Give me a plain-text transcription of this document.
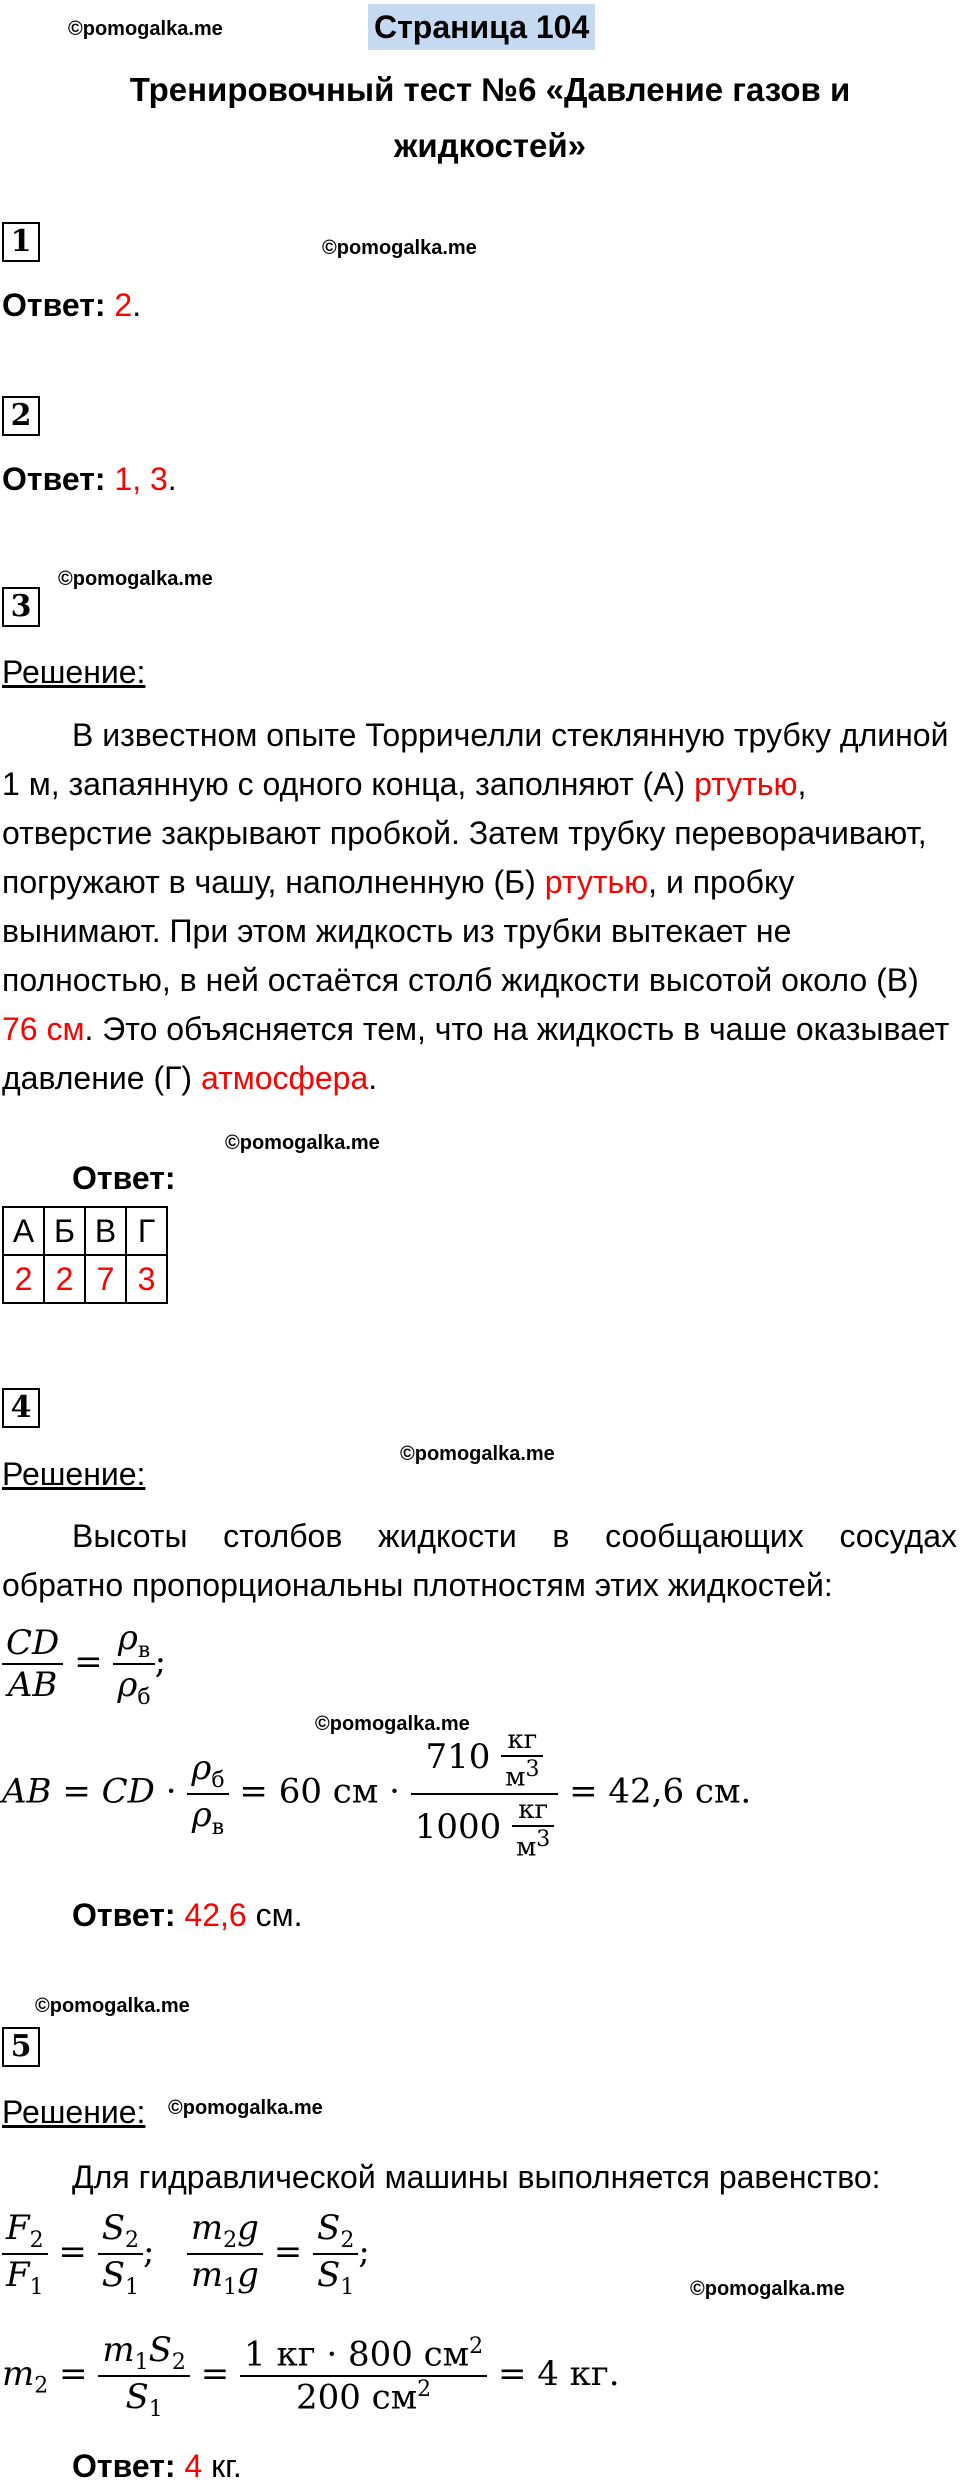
©pomogalka.me
©pomogalka.me
©pomogalka.me
©pomogalka.me
©pomogalka.me
©pomogalka.me
©pomogalka.me
©pomogalka.me
©pomogalka.me
Страница 104
Тренировочный тест №6 «Давление газов и жидкостей»
1
Ответ: 2.
2
Ответ: 1, 3.
3
Решение:
В известном опыте Торричелли стеклянную трубку длиной 1 м, запаянную с одного конца, заполняют (А) ртутью, отверстие закрывают пробкой. Затем трубку переворачивают, погружают в чашу, наполненную (Б) ртутью, и пробку вынимают. При этом жидкость из трубки вытекает не полностью, в ней остаётся столб жидкости высотой около (В) 76 см. Это объясняется тем, что на жидкость в чаше оказывает давление (Г) атмосфера.
Ответ:
А	Б	В	Г
2	2	7	3
4
Решение:
Высоты столбов жидкости в сообщающих сосудах
обратно пропорциональны плотностям этих жидкостей:
$\frac{CD}{AB} = \frac{\rho_в}{\rho_б}$ ;
AB = CD · $\frac{\rho_б}{\rho_в} = 60$ см · $\frac{710 \frac{кг}{м^3}}{1000 \frac{кг}{м^3}} = 42,6$ см.
Ответ: 42,6 см.
5
Решение:
Для гидравлической машины выполняется равенство:
$\frac{F_2}{F_1} = \frac{S_2}{S_1}$ ; $\frac{m_2g}{m_1g} = \frac{S_2}{S_1}$ ;
$m_2 = \frac{m_1S_2}{S_1} = \frac{1 кг \cdot 800 см^2}{200 см^2} = 4$ кг.
Ответ: 4 кг.
